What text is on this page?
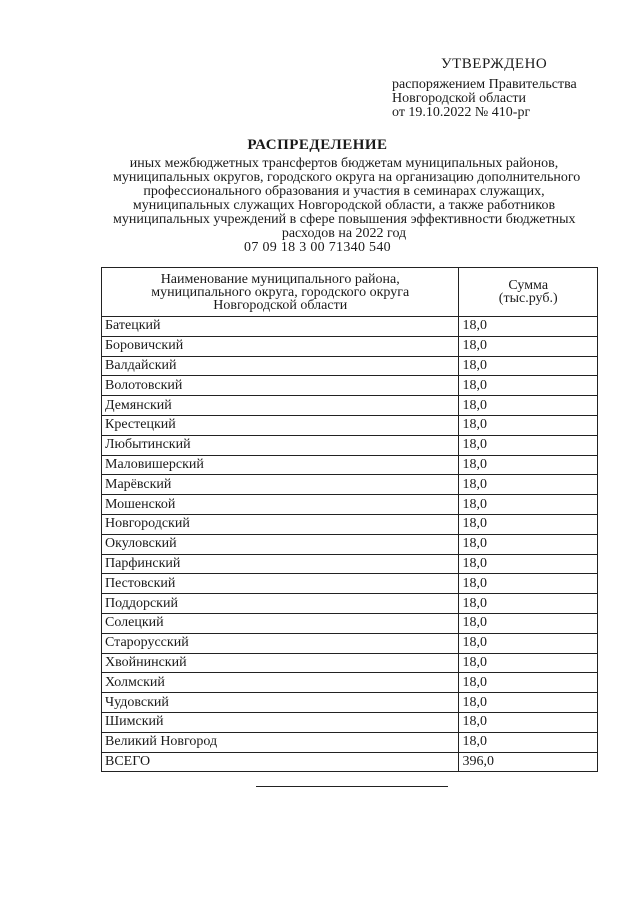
УТВЕРЖДЕНО
распоряжением Правительства
Новгородской области
от 19.10.2022 № 410-рг
РАСПРЕДЕЛЕНИЕ
иных межбюджетных трансфертов бюджетам муниципальных районов,
муниципальных округов, городского округа на организацию дополнительного
профессионального образования и участия в семинарах служащих,
муниципальных служащих Новгородской области, а также работников
муниципальных учреждений в сфере повышения эффективности бюджетных
расходов на 2022 год
07 09 18 3 00 71340 540
Наименование муниципального района,
муниципального округа, городского округа
Новгородской области	Сумма
(тыс.руб.)

Батецкий	18,0
Боровичский	18,0
Валдайский	18,0
Волотовский	18,0
Демянский	18,0
Крестецкий	18,0
Любытинский	18,0
Маловишерский	18,0
Марёвский	18,0
Мошенской	18,0
Новгородский	18,0
Окуловский	18,0
Парфинский	18,0
Пестовский	18,0
Поддорский	18,0
Солецкий	18,0
Старорусский	18,0
Хвойнинский	18,0
Холмский	18,0
Чудовский	18,0
Шимский	18,0
Великий Новгород	18,0
ВСЕГО	396,0
